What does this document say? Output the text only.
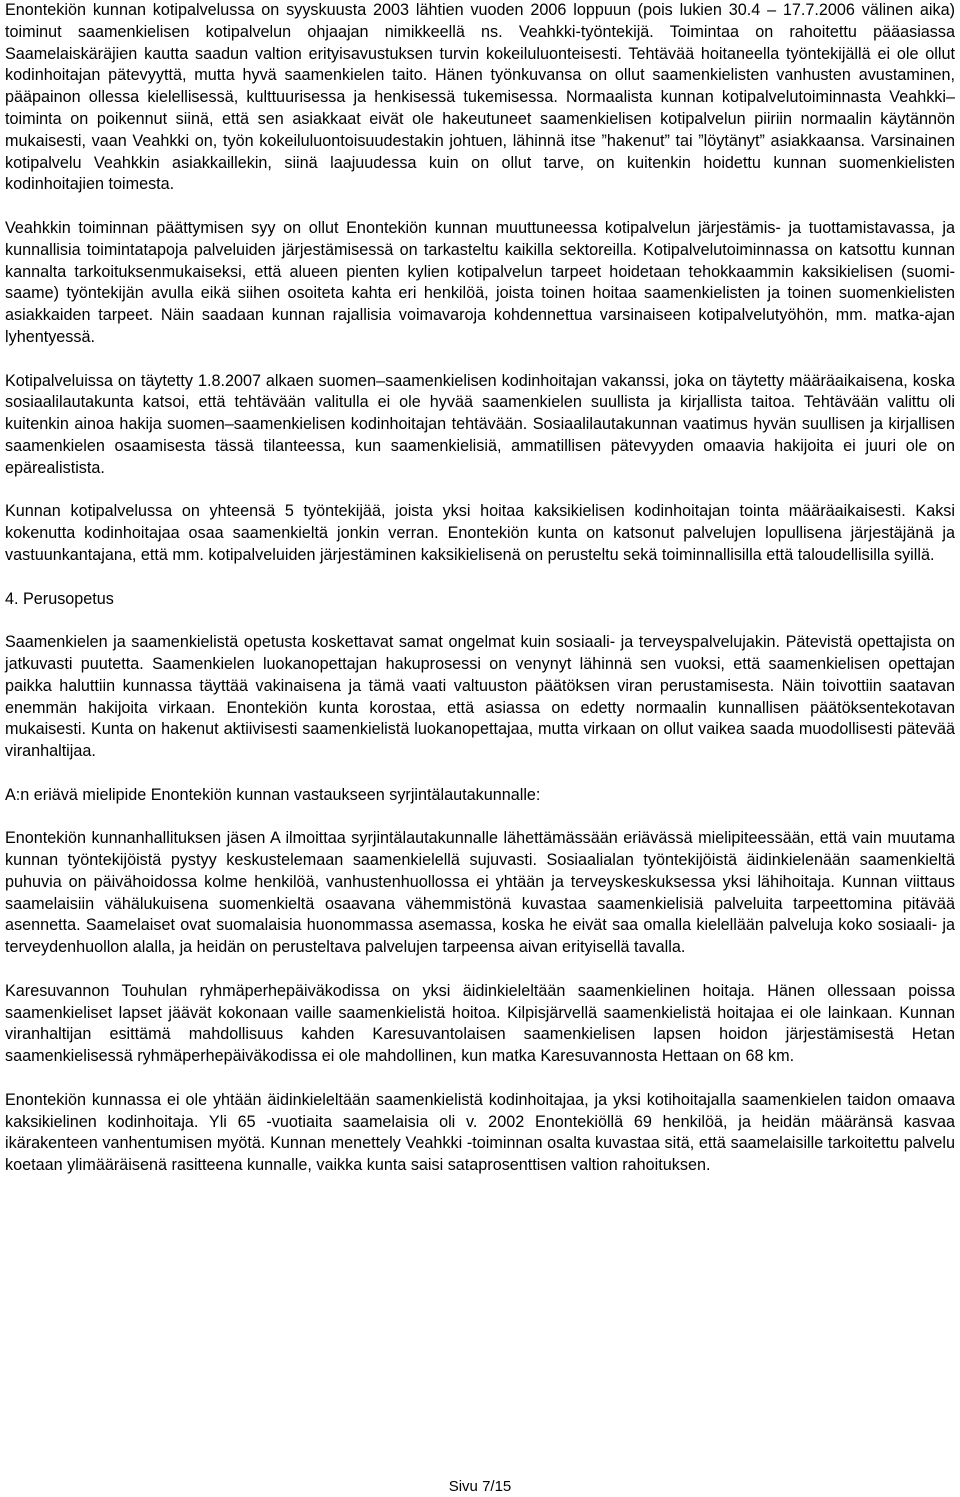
Enontekiön kunnan kotipalvelussa on syyskuusta 2003 lähtien vuoden 2006 loppuun (pois lukien 30.4 – 17.7.2006 välinen aika) toiminut saamenkielisen kotipalvelun ohjaajan nimikkeellä ns. Veahkki-työntekijä. Toimintaa on rahoitettu pääasiassa Saamelaiskäräjien kautta saadun valtion erityisavustuksen turvin kokeiluluonteisesti. Tehtävää hoitaneella työntekijällä ei ole ollut kodinhoitajan pätevyyttä, mutta hyvä saamenkielen taito. Hänen työnkuvansa on ollut saamenkielisten vanhusten avustaminen, pääpainon ollessa kielellisessä, kulttuurisessa ja henkisessä tukemisessa. Normaalista kunnan kotipalvelutoiminnasta Veahkki–toiminta on poikennut siinä, että sen asiakkaat eivät ole hakeutuneet saamenkielisen kotipalvelun piiriin normaalin käytännön mukaisesti, vaan Veahkki on, työn kokeiluluontoisuudestakin johtuen, lähinnä itse ”hakenut” tai ”löytänyt” asiakkaansa. Varsinainen kotipalvelu Veahkkin asiakkaillekin, siinä laajuudessa kuin on ollut tarve, on kuitenkin hoidettu kunnan suomenkielisten kodinhoitajien toimesta.

Veahkkin toiminnan päättymisen syy on ollut Enontekiön kunnan muuttuneessa kotipalvelun järjestämis- ja tuottamistavassa, ja kunnallisia toimintatapoja palveluiden järjestämisessä on tarkasteltu kaikilla sektoreilla. Kotipalvelutoiminnassa on katsottu kunnan kannalta tarkoituksenmukaiseksi, että alueen pienten kylien kotipalvelun tarpeet hoidetaan tehokkaammin kaksikielisen (suomi-saame) työntekijän avulla eikä siihen osoiteta kahta eri henkilöä, joista toinen hoitaa saamenkielisten ja toinen suomenkielisten asiakkaiden tarpeet. Näin saadaan kunnan rajallisia voimavaroja kohdennettua varsinaiseen kotipalvelutyöhön, mm. matka-ajan lyhentyessä.

Kotipalveluissa on täytetty 1.8.2007 alkaen suomen–saamenkielisen kodinhoitajan vakanssi, joka on täytetty määräaikaisena, koska sosiaalilautakunta katsoi, että tehtävään valitulla ei ole hyvää saamenkielen suullista ja kirjallista taitoa. Tehtävään valittu oli kuitenkin ainoa hakija suomen–saamenkielisen kodinhoitajan tehtävään. Sosiaalilautakunnan vaatimus hyvän suullisen ja kirjallisen saamenkielen osaamisesta tässä tilanteessa, kun saamenkielisiä, ammatillisen pätevyyden omaavia hakijoita ei juuri ole on epärealistista.

Kunnan kotipalvelussa on yhteensä 5 työntekijää, joista yksi hoitaa kaksikielisen kodinhoitajan tointa määräaikaisesti. Kaksi kokenutta kodinhoitajaa osaa saamenkieltä jonkin verran. Enontekiön kunta on katsonut palvelujen lopullisena järjestäjänä ja vastuunkantajana, että mm. kotipalveluiden järjestäminen kaksikielisenä on perusteltu sekä toiminnallisilla että taloudellisilla syillä.

4. Perusopetus

Saamenkielen ja saamenkielistä opetusta koskettavat samat ongelmat kuin sosiaali- ja terveyspalvelujakin. Pätevistä opettajista on jatkuvasti puutetta. Saamenkielen luokanopettajan hakuprosessi on venynyt lähinnä sen vuoksi, että saamenkielisen opettajan paikka haluttiin kunnassa täyttää vakinaisena ja tämä vaati valtuuston päätöksen viran perustamisesta. Näin toivottiin saatavan enemmän hakijoita virkaan. Enontekiön kunta korostaa, että asiassa on edetty normaalin kunnallisen päätöksentekotavan mukaisesti. Kunta on hakenut aktiivisesti saamenkielistä luokanopettajaa, mutta virkaan on ollut vaikea saada muodollisesti pätevää viranhaltijaa.

A:n eriävä mielipide Enontekiön kunnan vastaukseen syrjintälautakunnalle:

Enontekiön kunnanhallituksen jäsen A ilmoittaa syrjintälautakunnalle lähettämässään eriävässä mielipiteessään, että vain muutama kunnan työntekijöistä pystyy keskustelemaan saamenkielellä sujuvasti. Sosiaalialan työntekijöistä äidinkielenään saamenkieltä puhuvia on päivähoidossa kolme henkilöä, vanhustenhuollossa ei yhtään ja terveyskeskuksessa yksi lähihoitaja. Kunnan viittaus saamelaisiin vähälukuisena suomenkieltä osaavana vähemmistönä kuvastaa saamenkielisiä palveluita tarpeettomina pitävää asennetta. Saamelaiset ovat suomalaisia huonommassa asemassa, koska he eivät saa omalla kielellään palveluja koko sosiaali- ja terveydenhuollon alalla, ja heidän on perusteltava palvelujen tarpeensa aivan erityisellä tavalla.

Karesuvannon Touhulan ryhmäperhepäiväkodissa on yksi äidinkieleltään saamenkielinen hoitaja. Hänen ollessaan poissa saamenkieliset lapset jäävät kokonaan vaille saamenkielistä hoitoa. Kilpisjärvellä saamenkielistä hoitajaa ei ole lainkaan. Kunnan viranhaltijan esittämä mahdollisuus kahden Karesuvantolaisen saamenkielisen lapsen hoidon järjestämisestä Hetan saamenkielisessä ryhmäperhepäiväkodissa ei ole mahdollinen, kun matka Karesuvannosta Hettaan on 68 km.

Enontekiön kunnassa ei ole yhtään äidinkieleltään saamenkielistä kodinhoitajaa, ja yksi kotihoitajalla saamenkielen taidon omaava kaksikielinen kodinhoitaja. Yli 65 -vuotiaita saamelaisia oli v. 2002 Enontekiöllä 69 henkilöä, ja heidän määränsä kasvaa ikärakenteen vanhentumisen myötä. Kunnan menettely Veahkki -toiminnan osalta kuvastaa sitä, että saamelaisille tarkoitettu palvelu koetaan ylimääräisenä rasitteena kunnalle, vaikka kunta saisi sataprosenttisen valtion rahoituksen.

Sivu 7/15
